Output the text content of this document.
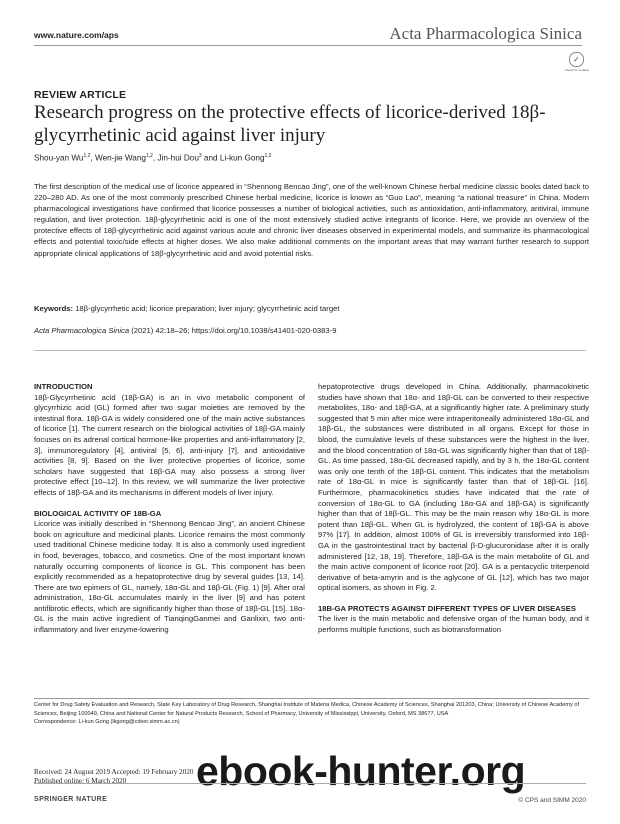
www.nature.com/aps	Acta Pharmacologica Sinica
✓
Check for updates
REVIEW ARTICLE
Research progress on the protective effects of licorice-derived 18β-glycyrrhetinic acid against liver injury
Shou-yan Wu$^{1,2}$, Wen-jie Wang$^{1,2}$, Jin-hui Dou$^3$ and Li-kun Gong$^{1,2}$
The first description of the medical use of licorice appeared in “Shennong Bencao Jing”, one of the well-known Chinese herbal medicine classic books dated back to 220–280 AD. As one of the most commonly prescribed Chinese herbal medicine, licorice is known as “Guo Lao”, meaning “a national treasure” in China. Modern pharmacological investigations have confirmed that licorice possesses a number of biological activities, such as antioxidation, anti-inflammatory, antiviral, immune regulation, and liver protection. 18β-glycyrrhetinic acid is one of the most extensively studied active integrants of licorice. Here, we provide an overview of the protective effects of 18β-glycyrrhetinic acid against various acute and chronic liver diseases observed in experimental models, and summarize its pharmacological effects and potential toxic/side effects at higher doses. We also make additional comments on the important areas that may warrant further research to support appropriate clinical applications of 18β-glycyrrhetinic acid and avoid potential risks.
Keywords: 18β-glycyrrhetic acid; licorice preparation; liver injury; glycyrrhetinic acid target
Acta Pharmacologica Sinica (2021) 42:18–26; https://doi.org/10.1038/s41401-020-0383-9
INTRODUCTION

18β-Glycyrrhetinic acid (18β-GA) is an in vivo metabolic component of glycyrrhizic acid (GL) formed after two sugar moieties are removed by the intestinal flora. 18β-GA is widely considered one of the main active substances of licorice [1]. The current research on the biological activities of 18β-GA mainly focuses on its adrenal cortical hormone-like properties and anti-inflammatory [2, 3], immunoregulatory [4], antiviral [5, 6], anti-injury [7], and antioxidative activities [8, 9]. Based on the liver protective properties of licorice, some scholars have suggested that 18β-GA may also possess a strong liver protective effect [10–12]. In this review, we will summarize the liver protective effects of 18β-GA and its mechanisms in different models of liver injury.

BIOLOGICAL ACTIVITY OF 18B-GA

Licorice was initially described in “Shennong Bencao Jing”, an ancient Chinese book on agriculture and medicinal plants. Licorice remains the most commonly used traditional Chinese medicine today. It is also a commonly used ingredient in food, beverages, tobacco, and cosmetics. One of the most important known naturally occurring components of licorice is GL. This component has been explicitly recommended as a hepatoprotective drug by several guides [13, 14]. There are two epimers of GL, namely, 18α-GL and 18β-GL (Fig. 1) [9]. After oral administration, 18α-GL accumulates mainly in the liver [9] and has potent antifibrotic effects, which are significantly higher than those of 18β-GL [15]. 18α-GL is the main active ingredient of TianqingGanmei and Ganlixin, two anti-inflammatory and liver enzyme-lowering

hepatoprotective drugs developed in China. Additionally, pharmacokinetic studies have shown that 18α- and 18β-GL can be converted to their respective metabolites, 18α- and 18β-GA, at a significantly higher rate. A preliminary study suggested that 5 min after mice were intraperitoneally administered 18α-GL and 18β-GL, the substances were distributed in all organs. Except for those in blood, the cumulative levels of these substances were the highest in the liver, and the blood concentration of 18α-GL was significantly higher than that of 18β-GL. As time passed, 18α-GL decreased rapidly, and by 3 h, the 18α-GL content was only one tenth of the 18β-GL content. This indicates that the metabolism rate of 18α-GL in mice is significantly faster than that of 18β-GL [16]. Furthermore, pharmacokinetics studies have indicated that the rate of conversion of 18α-GL to GA (including 18α-GA and 18β-GA) is significantly higher than that of 18β-GL. This may be the main reason why 18α-GL is more potent than 18β-GL. When GL is hydrolyzed, the content of 18β-GA is above 97% [17]. In addition, almost 100% of GL is irreversibly transformed into 18β-GA in the gastrointestinal tract by bacterial β-D-glucuronidase after it is orally administered [12, 18, 19]. Therefore, 18β-GA is the main metabolite of GL and the main active component of licorice root [20]. GA is a pentacyclic triterpenoid derivative of beta-amyrin and is the aglycone of GL [12], which has two major optical isomers, as shown in Fig. 2.

18B-GA PROTECTS AGAINST DIFFERENT TYPES OF LIVER DISEASES

The liver is the main metabolic and defensive organ of the human body, and it performs multiple functions, such as biotransformation

Center for Drug Safety Evaluation and Research, State Key Laboratory of Drug Research, Shanghai Institute of Materia Medica, Chinese Academy of Sciences, Shanghai 201203, China; University of Chinese Academy of Sciences, Beijing 100049, China and National Center for Natural Products Research, School of Pharmacy, University of Mississippi, University, Oxford, MS 38677, USA
Correspondence: Li-kun Gong (lkgong@cdser.simm.ac.cn)
Received: 24 August 2019 Accepted: 19 February 2020
Published online: 6 March 2020	ebook-hunter.org
SPRINGER NATURE	© CPS and SIMM 2020
